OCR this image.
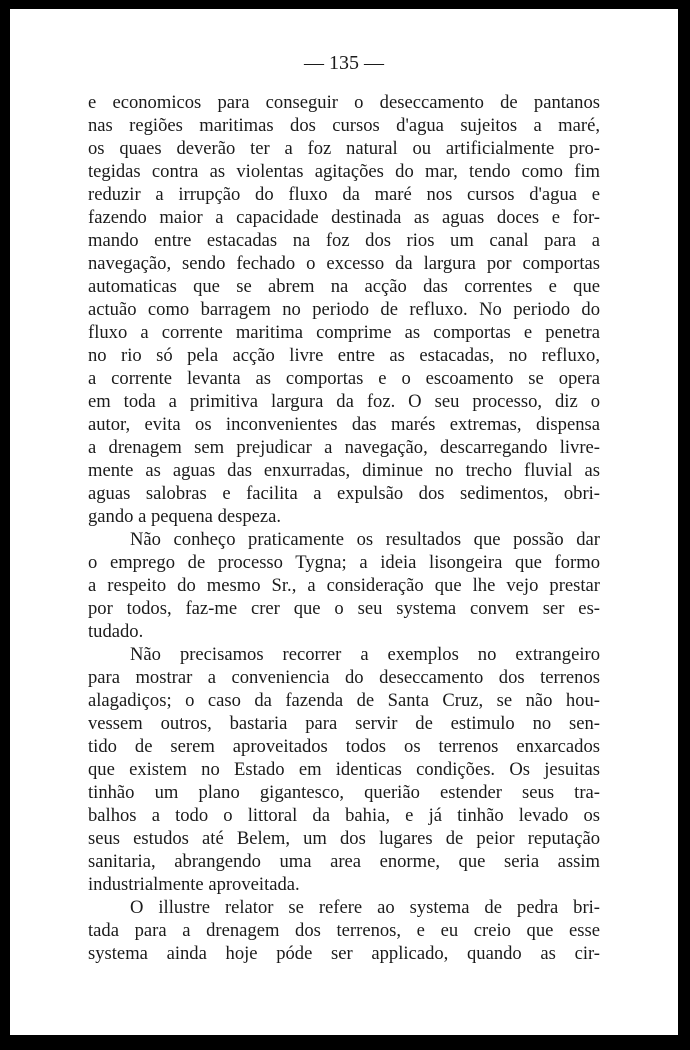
— 135 —
e economicos para conseguir o deseccamento de pantanos
nas regiões maritimas dos cursos d'agua sujeitos a maré,
os quaes deverão ter a foz natural ou artificialmente pro-
tegidas contra as violentas agitações do mar, tendo como fim
reduzir a irrupção do fluxo da maré nos cursos d'agua e
fazendo maior a capacidade destinada as aguas doces e for-
mando entre estacadas na foz dos rios um canal para a
navegação, sendo fechado o excesso da largura por comportas
automaticas que se abrem na acção das correntes e que
actuão como barragem no periodo de refluxo. No periodo do
fluxo a corrente maritima comprime as comportas e penetra
no rio só pela acção livre entre as estacadas, no refluxo,
a corrente levanta as comportas e o escoamento se opera
em toda a primitiva largura da foz. O seu processo, diz o
autor, evita os inconvenientes das marés extremas, dispensa
a drenagem sem prejudicar a navegação, descarregando livre-
mente as aguas das enxurradas, diminue no trecho fluvial as
aguas salobras e facilita a expulsão dos sedimentos, obri-
gando a pequena despeza.
Não conheço praticamente os resultados que possão dar
o emprego de processo Tygna; a ideia lisongeira que formo
a respeito do mesmo Sr., a consideração que lhe vejo prestar
por todos, faz-me crer que o seu systema convem ser es-
tudado.
Não precisamos recorrer a exemplos no extrangeiro
para mostrar a conveniencia do deseccamento dos terrenos
alagadiços; o caso da fazenda de Santa Cruz, se não hou-
vessem outros, bastaria para servir de estimulo no sen-
tido de serem aproveitados todos os terrenos enxarcados
que existem no Estado em identicas condições. Os jesuitas
tinhão um plano gigantesco, querião estender seus tra-
balhos a todo o littoral da bahia, e já tinhão levado os
seus estudos até Belem, um dos lugares de peior reputação
sanitaria, abrangendo uma area enorme, que seria assim
industrialmente aproveitada.
O illustre relator se refere ao systema de pedra bri-
tada para a drenagem dos terrenos, e eu creio que esse
systema ainda hoje póde ser applicado, quando as cir-
